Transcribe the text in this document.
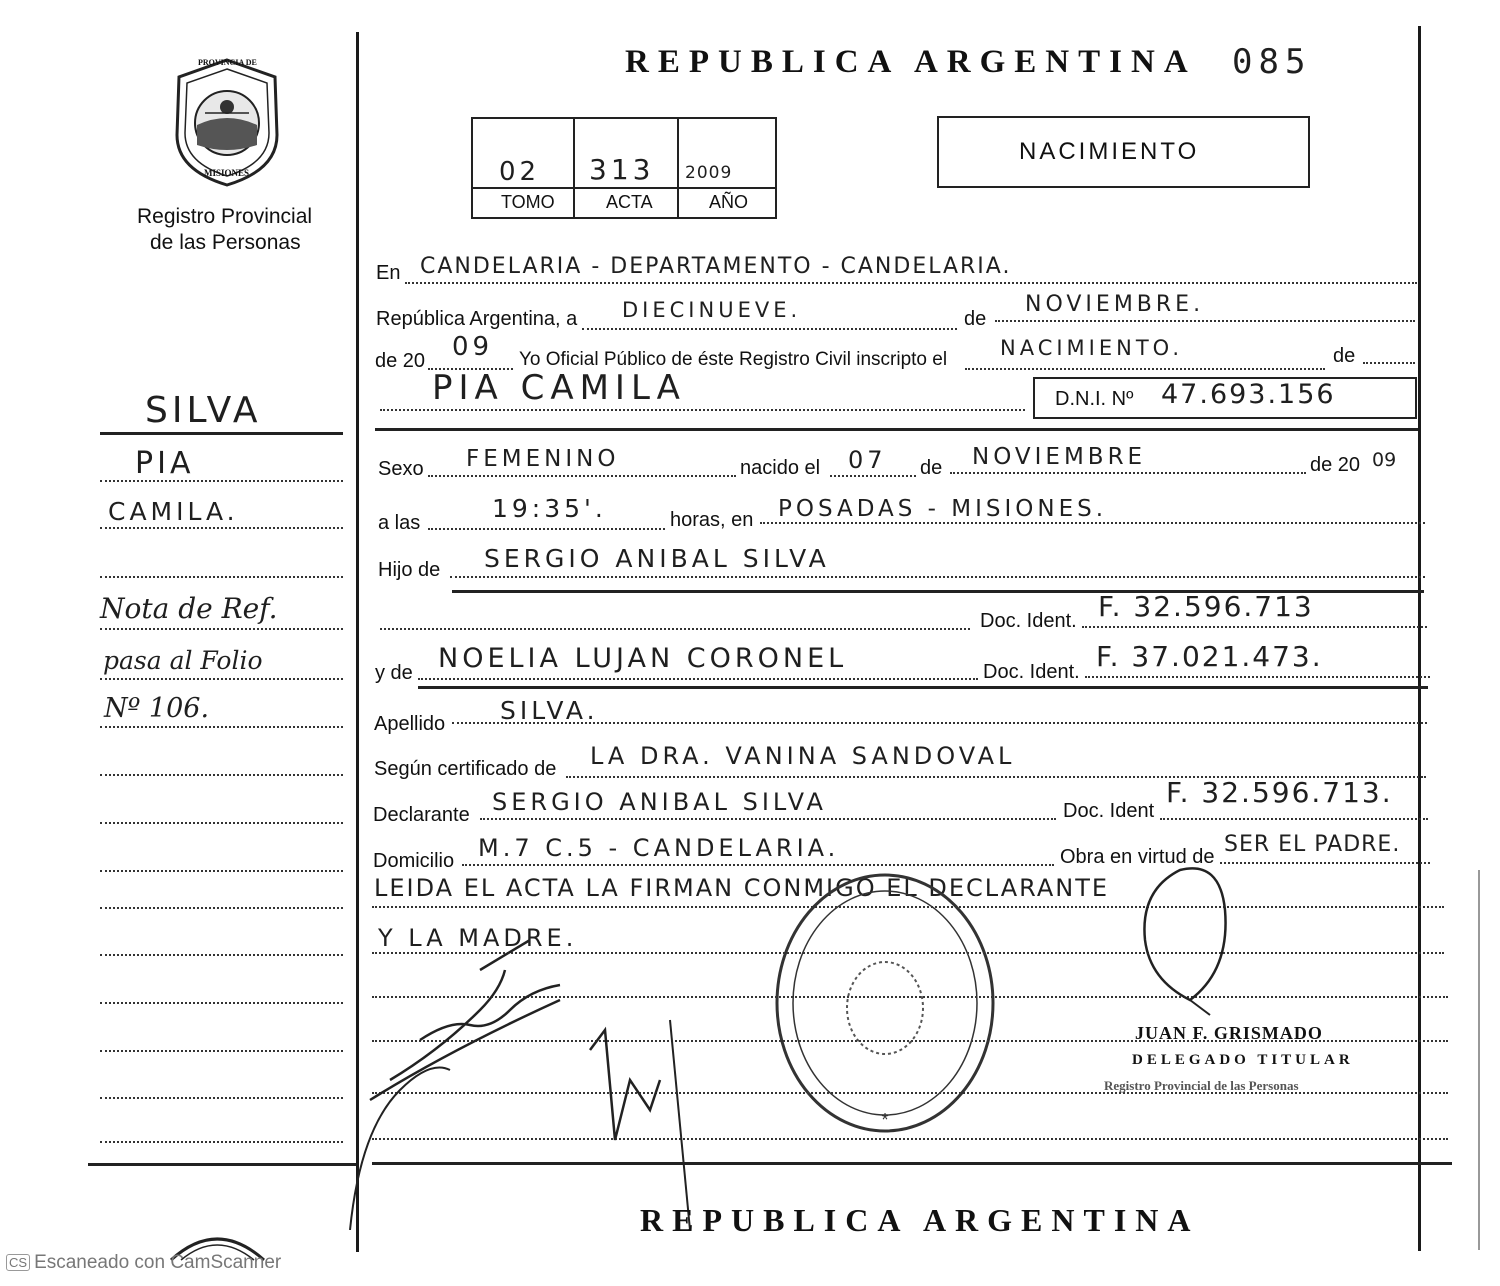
REPUBLICA ARGENTINA 085
PROVINCIA DE
MISIONES
Registro Provincial
de las Personas
02 313 2009
TOMO	ACTA	AÑO
NACIMIENTO
SILVA
PIA
CAMILA.
Nota de Ref.
pasa al Folio
Nº 106.
En CANDELARIA - DEPARTAMENTO - CANDELARIA.
República Argentina, a DIECINUEVE.	de
NOVIEMBRE.
de 20 09 Yo Oficial Público de éste Registro Civil inscripto el	NACIMIENTO.	de
PIA CAMILA	D.N.I. Nº 47.693.156
Sexo FEMENINO	nacido el 07 de NOVIEMBRE	de 20 09
a las	19:35'.	horas, en POSADAS - MISIONES.
Hijo de SERGIO ANIBAL SILVA
Doc. Ident. F. 32.596.713
y de NOELIA LUJAN CORONEL	Doc. Ident. F. 37.021.473.
Apellido SILVA.
Según certificado de LA DRA. VANINA SANDOVAL
Declarante SERGIO ANIBAL SILVA	Doc. Ident
F. 32.596.713.
Domicilio M.7 C.5 - CANDELARIA.	Obra en virtud de SER EL PADRE.
LEIDA EL ACTA LA FIRMAN CONMIGO EL DECLARANTE
Y LA MADRE.
*
JUAN F. GRISMADO
DELEGADO TITULAR
Registro Provincial de las Personas
REPUBLICA ARGENTINA
CS Escaneado con CamScanner
